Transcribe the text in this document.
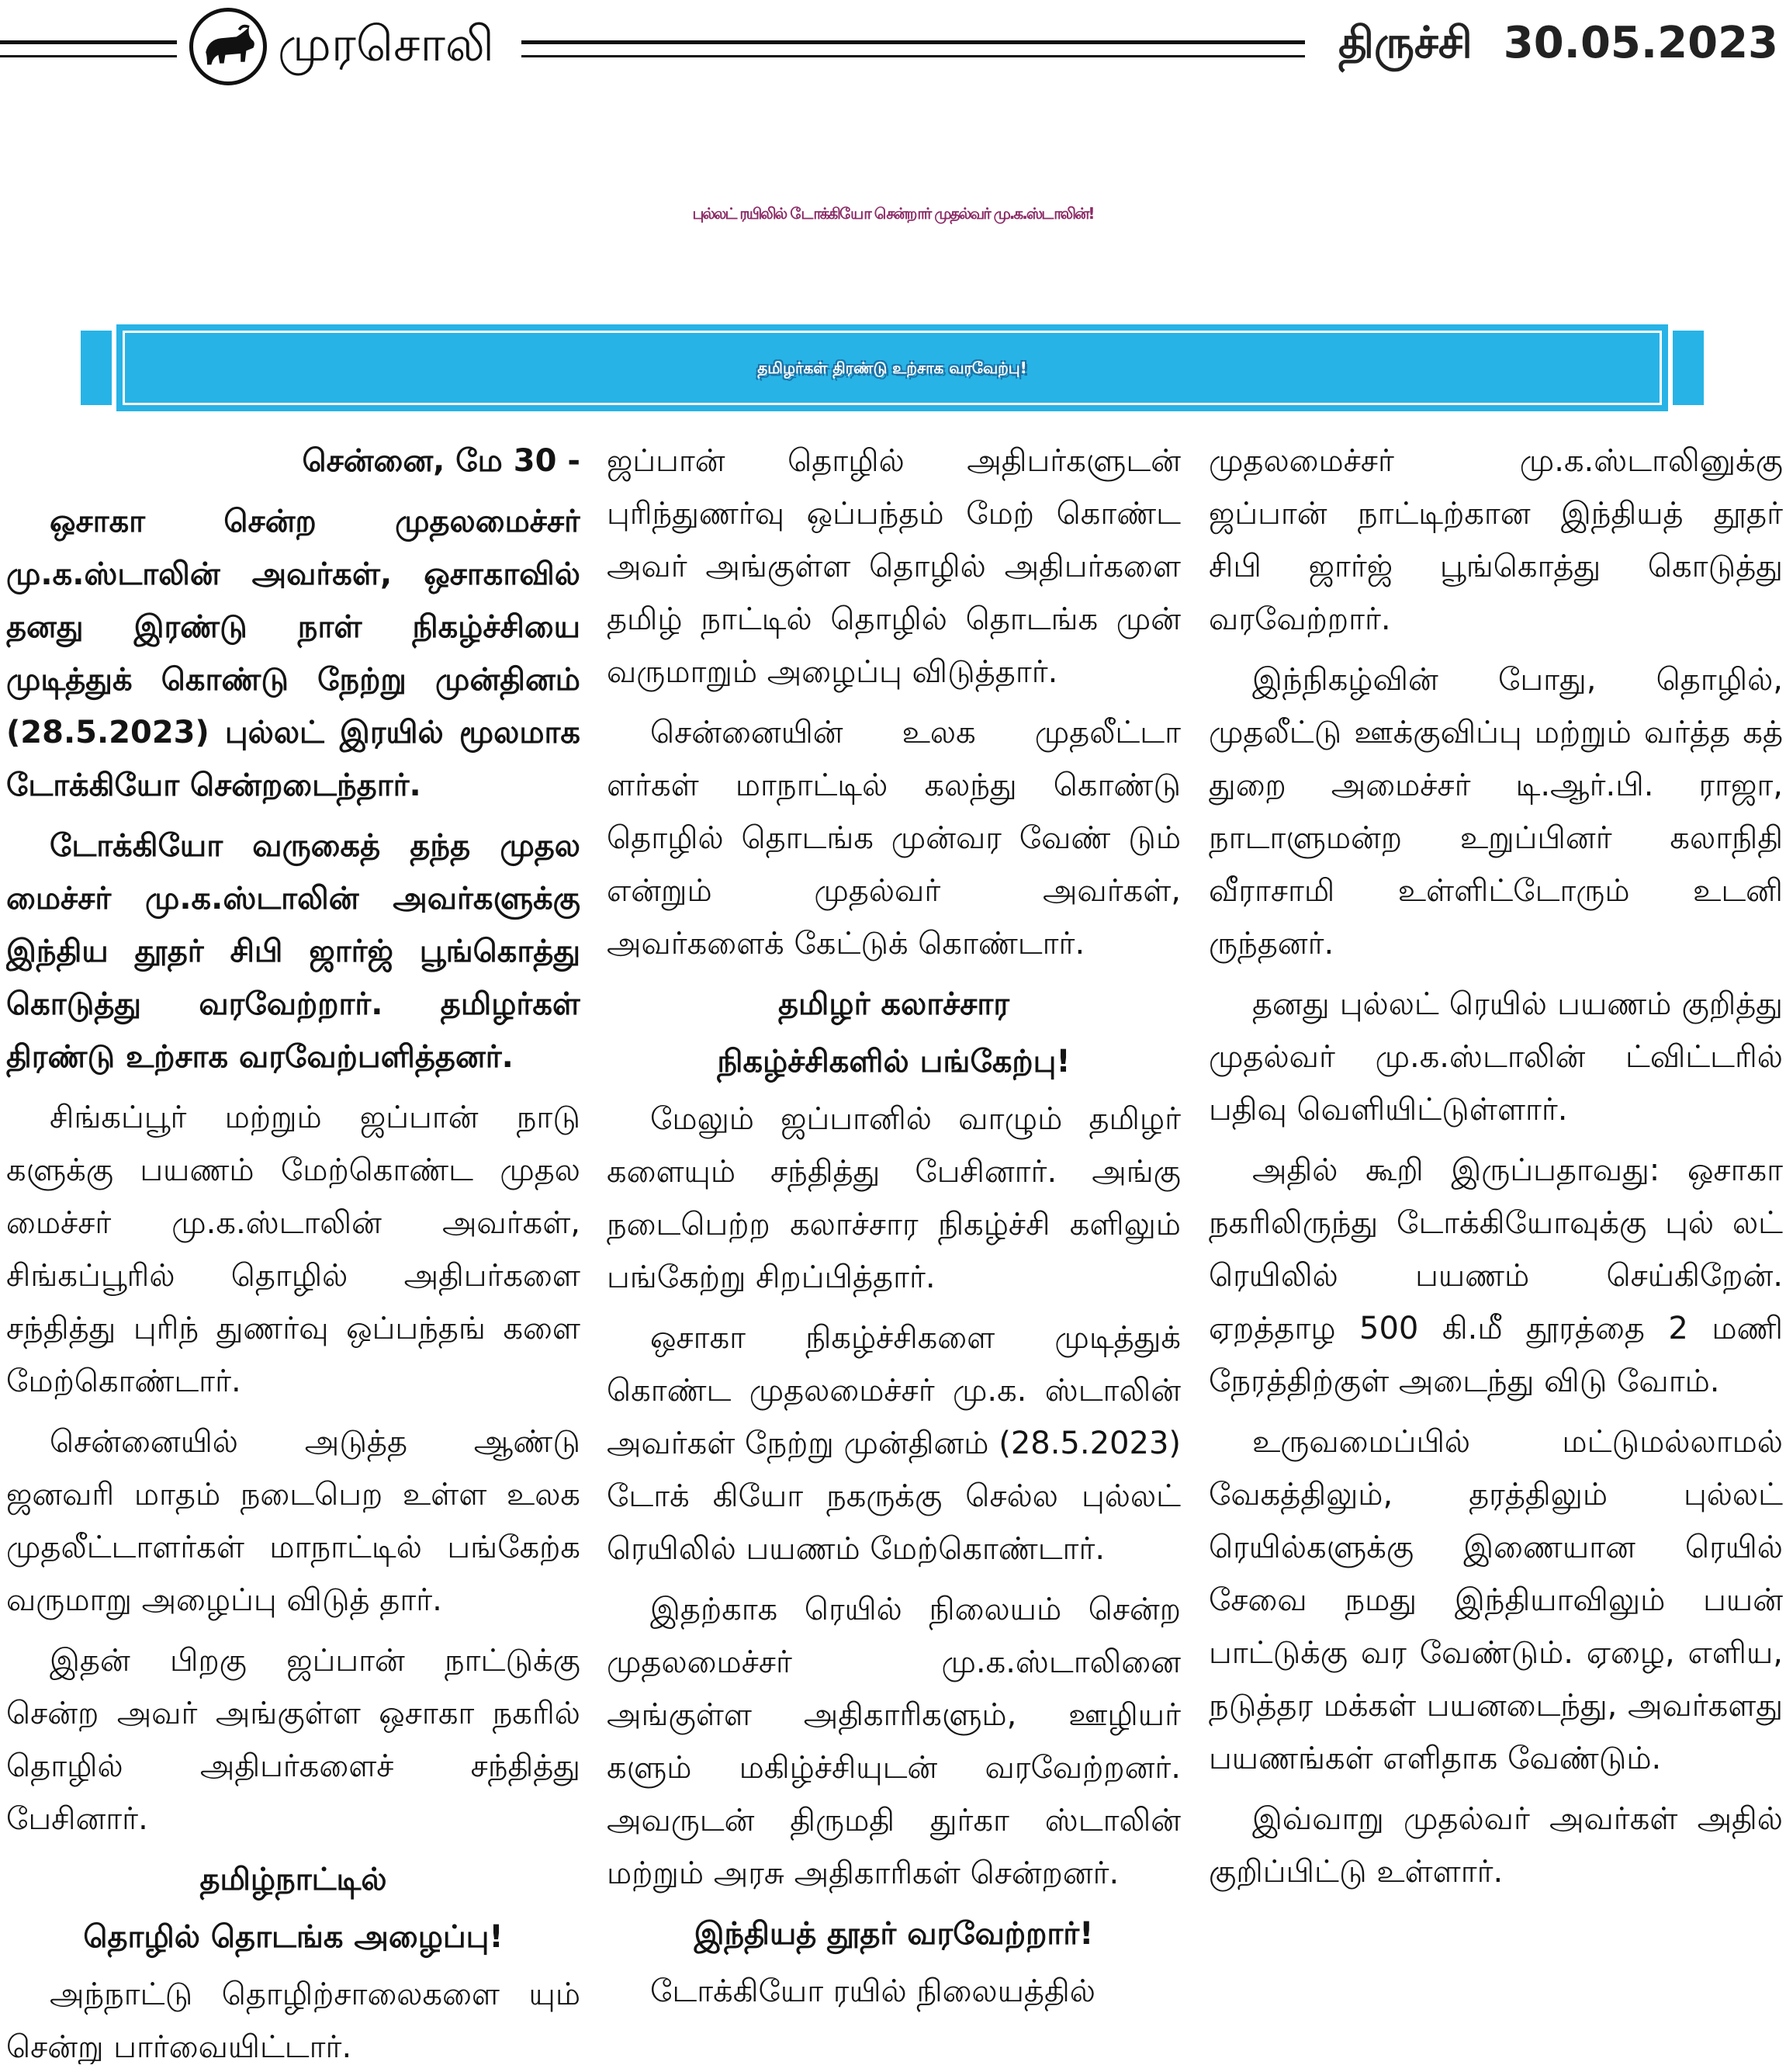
முரசொலி	திருச்சி 30.05.2023
புல்லட் ரயிலில் டோக்கியோ சென்றார் முதல்வர் மு.க.ஸ்டாலின்!
தமிழர்கள் திரண்டு உற்சாக வரவேற்பு!

சென்னை, மே 30 -

ஒசாகா சென்ற முதலமைச்சர் மு.க.ஸ்டாலின் அவர்கள், ஒசாகாவில் தனது இரண்டு நாள் நிகழ்ச்சியை முடித்துக் கொண்டு நேற்று முன்தினம் (28.5.2023) புல்லட் இரயில் மூலமாக டோக்கியோ சென்றடைந்தார்.

டோக்கியோ வருகைத் தந்த முதல மைச்சர் மு.க.ஸ்டாலின் அவர்களுக்கு இந்திய தூதர் சிபி ஜார்ஜ் பூங்கொத்து கொடுத்து வரவேற்றார். தமிழர்கள் திரண்டு உற்சாக வரவேற்பளித்தனர்.

சிங்கப்பூர் மற்றும் ஜப்பான் நாடு களுக்கு பயணம் மேற்கொண்ட முதல மைச்சர் மு.க.ஸ்டாலின் அவர்கள், சிங்கப்பூரில் தொழில் அதிபர்களை சந்தித்து புரிந் துணர்வு ஒப்பந்தங் களை மேற்கொண்டார்.

சென்னையில் அடுத்த ஆண்டு ஜனவரி மாதம் நடைபெற உள்ள உலக முதலீட்டாளர்கள் மாநாட்டில் பங்கேற்க வருமாறு அழைப்பு விடுத் தார்.

இதன் பிறகு ஜப்பான் நாட்டுக்கு சென்ற அவர் அங்குள்ள ஒசாகா நகரில் தொழில் அதிபர்களைச் சந்தித்து பேசினார்.

தமிழ்நாட்டில்
தொழில் தொடங்க அழைப்பு!

அந்நாட்டு தொழிற்சாலைகளை யும் சென்று பார்வையிட்டார்.

ஜப்பான் தொழில் அதிபர்களுடன் புரிந்துணர்வு ஒப்பந்தம் மேற் கொண்ட அவர் அங்குள்ள தொழில் அதிபர்களை தமிழ் நாட்டில் தொழில் தொடங்க முன் வருமாறும் அழைப்பு விடுத்தார்.

சென்னையின் உலக முதலீட்டா ளர்கள் மாநாட்டில் கலந்து கொண்டு தொழில் தொடங்க முன்வர வேண் டும் என்றும் முதல்வர் அவர்கள், அவர்களைக் கேட்டுக் கொண்டார்.

தமிழர் கலாச்சார
நிகழ்ச்சிகளில் பங்கேற்பு!

மேலும் ஜப்பானில் வாழும் தமிழர் களையும் சந்தித்து பேசினார். அங்கு நடைபெற்ற கலாச்சார நிகழ்ச்சி களிலும் பங்கேற்று சிறப்பித்தார்.

ஒசாகா நிகழ்ச்சிகளை முடித்துக் கொண்ட முதலமைச்சர் மு.க. ஸ்டாலின் அவர்கள் நேற்று முன்தினம் (28.5.2023) டோக் கியோ நகருக்கு செல்ல புல்லட் ரெயிலில் பயணம் மேற்கொண்டார்.

இதற்காக ரெயில் நிலையம் சென்ற முதலமைச்சர் மு.க.ஸ்டாலினை அங்குள்ள அதிகாரிகளும், ஊழியர் களும் மகிழ்ச்சியுடன் வரவேற்றனர். அவருடன் திருமதி துர்கா ஸ்டாலின் மற்றும் அரசு அதிகாரிகள் சென்றனர்.

இந்தியத் தூதர் வரவேற்றார்!

டோக்கியோ ரயில் நிலையத்தில்

முதலமைச்சர் மு.க.ஸ்டாலினுக்கு ஜப்பான் நாட்டிற்கான இந்தியத் தூதர் சிபி ஜார்ஜ் பூங்கொத்து கொடுத்து வரவேற்றார்.

இந்நிகழ்வின் போது, தொழில், முதலீட்டு ஊக்குவிப்பு மற்றும் வர்த்த கத் துறை அமைச்சர் டி.ஆர்.பி. ராஜா, நாடாளுமன்ற உறுப்பினர் கலாநிதி வீராசாமி உள்ளிட்டோரும் உடனி ருந்தனர்.

தனது புல்லட் ரெயில் பயணம் குறித்து முதல்வர் மு.க.ஸ்டாலின் ட்விட்டரில் பதிவு வெளியிட்டுள்ளார்.

அதில் கூறி இருப்பதாவது: ஒசாகா நகரிலிருந்து டோக்கியோவுக்கு புல் லட் ரெயிலில் பயணம் செய்கிறேன். ஏறத்தாழ 500 கி.மீ தூரத்தை 2 மணி நேரத்திற்குள் அடைந்து விடு வோம்.

உருவமைப்பில் மட்டுமல்லாமல் வேகத்திலும், தரத்திலும் புல்லட் ரெயில்களுக்கு இணையான ரெயில் சேவை நமது இந்தியாவிலும் பயன் பாட்டுக்கு வர வேண்டும். ஏழை, எளிய, நடுத்தர மக்கள் பயனடைந்து, அவர்களது பயணங்கள் எளிதாக வேண்டும்.

இவ்வாறு முதல்வர் அவர்கள் அதில் குறிப்பிட்டு உள்ளார்.
